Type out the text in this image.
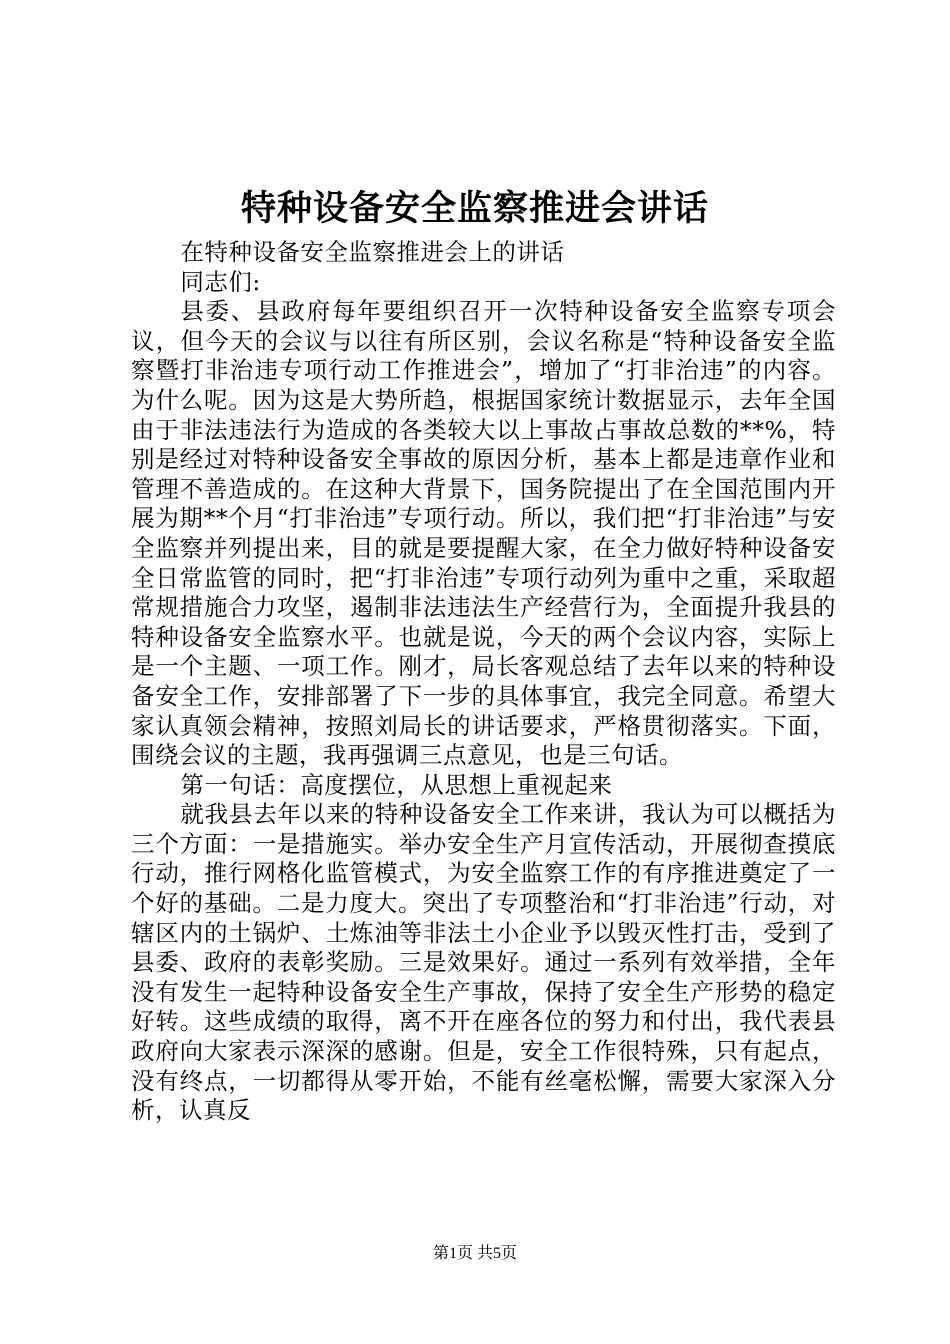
特种设备安全监察推进会讲话

在特种设备安全监察推进会上的讲话

同志们:

县委、县政府每年要组织召开一次特种设备安全监察专项会议，但今天的会议与以往有所区别，会议名称是“特种设备安全监察暨打非治违专项行动工作推进会”，增加了“打非治违”的内容。为什么呢。因为这是大势所趋，根据国家统计数据显示，去年全国由于非法违法行为造成的各类较大以上事故占事故总数的**%，特别是经过对特种设备安全事故的原因分析，基本上都是违章作业和管理不善造成的。在这种大背景下，国务院提出了在全国范围内开展为期**个月“打非治违”专项行动。所以，我们把“打非治违”与安全监察并列提出来，目的就是要提醒大家，在全力做好特种设备安全日常监管的同时，把“打非治违”专项行动列为重中之重，采取超常规措施合力攻坚，遏制非法违法生产经营行为，全面提升我县的特种设备安全监察水平。也就是说，今天的两个会议内容，实际上是一个主题、一项工作。刚才，局长客观总结了去年以来的特种设备安全工作，安排部署了下一步的具体事宜，我完全同意。希望大家认真领会精神，按照刘局长的讲话要求，严格贯彻落实。下面，围绕会议的主题，我再强调三点意见，也是三句话。

第一句话：高度摆位，从思想上重视起来

就我县去年以来的特种设备安全工作来讲，我认为可以概括为三个方面：一是措施实。举办安全生产月宣传活动，开展彻查摸底行动，推行网格化监管模式，为安全监察工作的有序推进奠定了一个好的基础。二是力度大。突出了专项整治和“打非治违”行动，对辖区内的土锅炉、土炼油等非法土小企业予以毁灭性打击，受到了县委、政府的表彰奖励。三是效果好。通过一系列有效举措，全年没有发生一起特种设备安全生产事故，保持了安全生产形势的稳定好转。这些成绩的取得，离不开在座各位的努力和付出，我代表县政府向大家表示深深的感谢。但是，安全工作很特殊，只有起点，没有终点，一切都得从零开始，不能有丝毫松懈，需要大家深入分析，认真反

第1页 共5页
